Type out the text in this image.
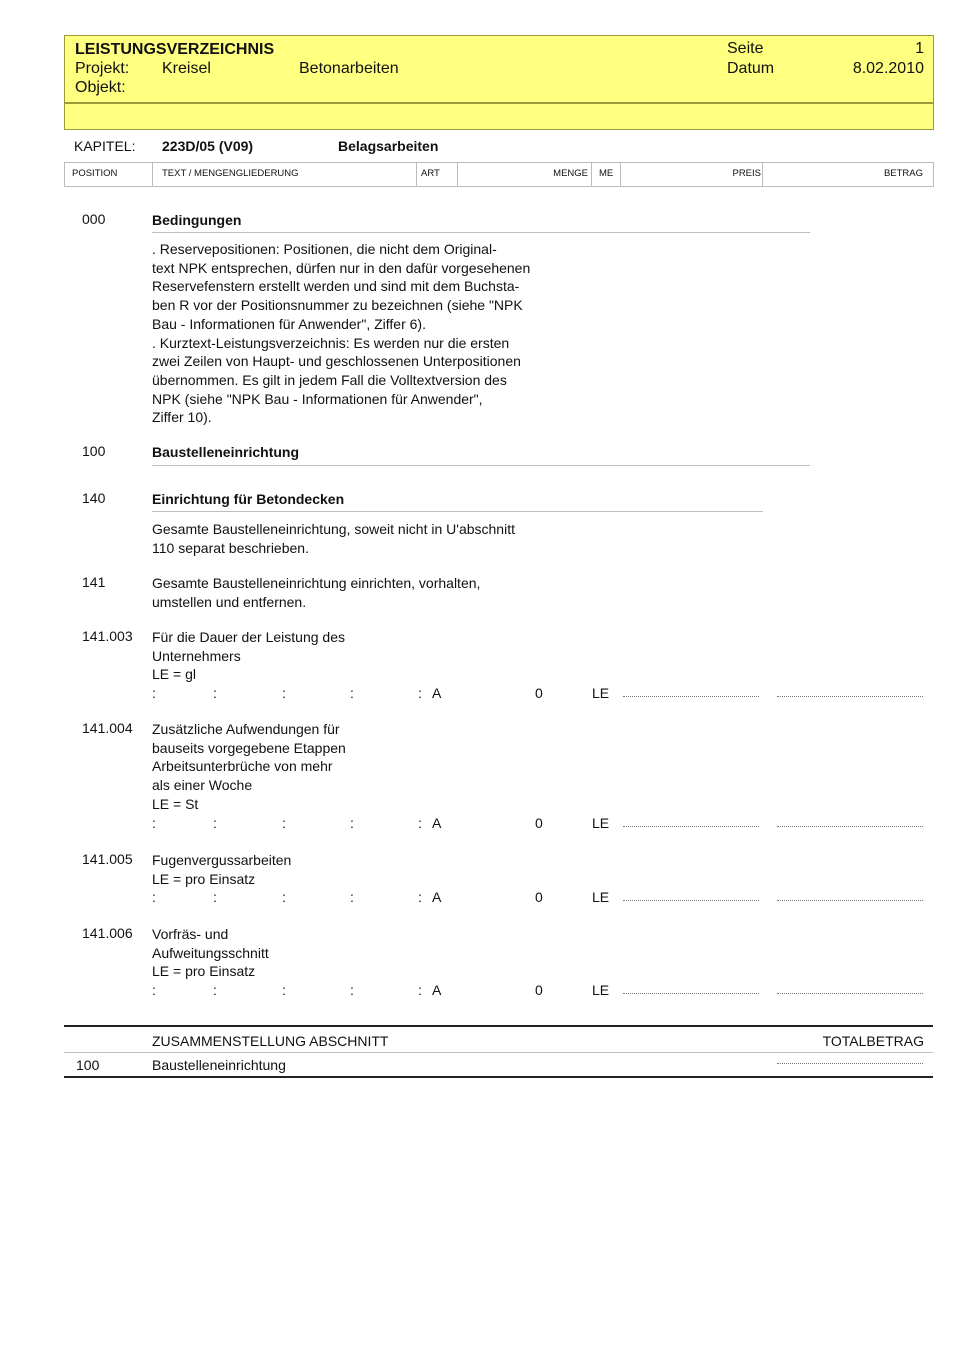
LEISTUNGSVERZEICHNIS
Projekt: Kreisel	Betonarbeiten
Objekt:
Seite	1
Datum	8.02.2010
KAPITEL: 223D/05 (V09)	Belagsarbeiten
POSITION	TEXT / MENGENGLIEDERUNG	ART	MENGE ME	PREIS	BETRAG
000	Bedingungen
. Reservepositionen: Positionen, die nicht dem Original-
text NPK entsprechen, dürfen nur in den dafür vorgesehenen
Reservefenstern erstellt werden und sind mit dem Buchsta-
ben R vor der Positionsnummer zu bezeichnen (siehe "NPK
Bau - Informationen für Anwender", Ziffer 6).
. Kurztext-Leistungsverzeichnis: Es werden nur die ersten
zwei Zeilen von Haupt- und geschlossenen Unterpositionen
übernommen. Es gilt in jedem Fall die Volltextversion des
NPK (siehe "NPK Bau - Informationen für Anwender",
Ziffer 10).
100	Baustelleneinrichtung
140	Einrichtung für Betondecken
Gesamte Baustelleneinrichtung, soweit nicht in U'abschnitt
110 separat beschrieben.
141	Gesamte Baustelleneinrichtung einrichten, vorhalten,
umstellen und entfernen.
141.003 Für die Dauer der Leistung des
Unternehmers
LE = gl
:	:	:	:	: A	0	LE
141.004 Zusätzliche Aufwendungen für
bauseits vorgegebene Etappen
Arbeitsunterbrüche von mehr
als einer Woche
LE = St
:	:	:	:	: A	0	LE
141.005 Fugenvergussarbeiten
LE = pro Einsatz
:	:	:	:	: A	0	LE
141.006 Vorfräs- und
Aufweitungsschnitt
LE = pro Einsatz
:	:	:	:	: A	0	LE
ZUSAMMENSTELLUNG ABSCHNITT	TOTALBETRAG
100	Baustelleneinrichtung
